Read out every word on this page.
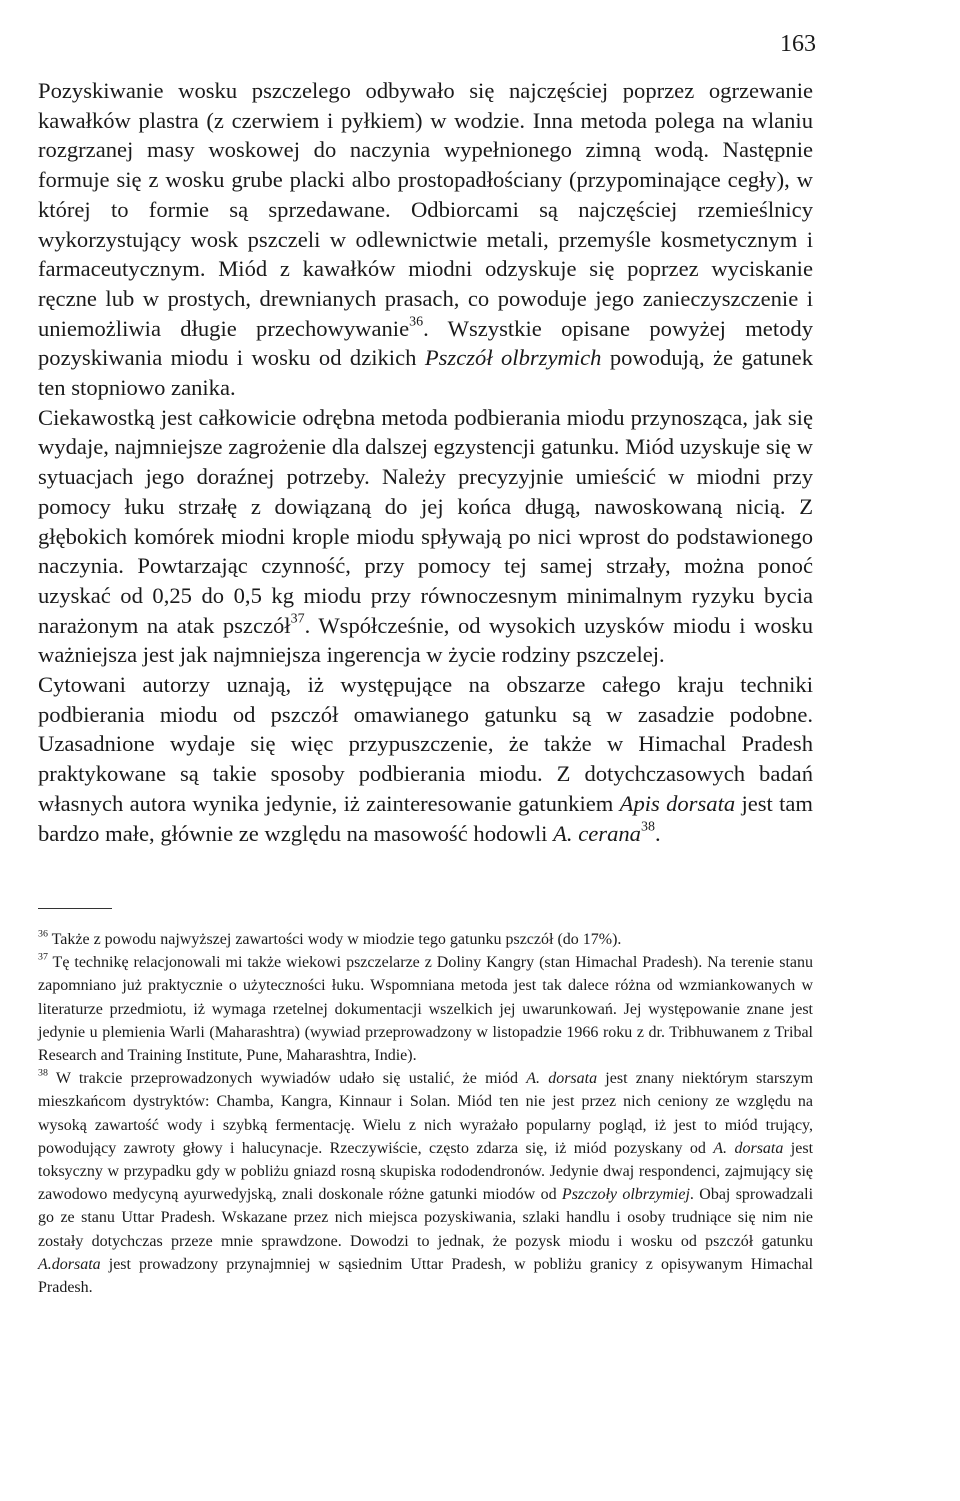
163

Pozyskiwanie wosku pszczelego odbywało się najczęściej poprzez ogrzewanie kawałków plastra (z czerwiem i pyłkiem) w wodzie. Inna metoda polega na wlaniu rozgrzanej masy woskowej do naczynia wypełnionego zimną wodą. Następnie formuje się z wosku grube placki albo prostopadłościany (przypominające cegły), w której to formie są sprzedawane. Odbiorcami są najczęściej rzemieślnicy wykorzystujący wosk pszczeli w odlewnictwie metali, przemyśle kosmetycznym i farmaceutycznym. Miód z kawałków miodni odzyskuje się poprzez wyciskanie ręczne lub w prostych, drewnianych prasach, co powoduje jego zanieczyszczenie i uniemożliwia długie przechowywanie$^{36}$. Wszystkie opisane powyżej metody pozyskiwania miodu i wosku od dzikich Pszczół olbrzymich powodują, że gatunek ten stopniowo zanika.

Ciekawostką jest całkowicie odrębna metoda podbierania miodu przynosząca, jak się wydaje, najmniejsze zagrożenie dla dalszej egzystencji gatunku. Miód uzyskuje się w sytuacjach jego doraźnej potrzeby. Należy precyzyjnie umieścić w miodni przy pomocy łuku strzałę z dowiązaną do jej końca długą, nawoskowaną nicią. Z głębokich komórek miodni krople miodu spływają po nici wprost do podstawionego naczynia. Powtarzając czynność, przy pomocy tej samej strzały, można ponoć uzyskać od 0,25 do 0,5 kg miodu przy równoczesnym minimalnym ryzyku bycia narażonym na atak pszczół$^{37}$. Współcześnie, od wysokich uzysków miodu i wosku ważniejsza jest jak najmniejsza ingerencja w życie rodziny pszczelej.

Cytowani autorzy uznają, iż występujące na obszarze całego kraju techniki podbierania miodu od pszczół omawianego gatunku są w zasadzie podobne. Uzasadnione wydaje się więc przypuszczenie, że także w Himachal Pradesh praktykowane są takie sposoby podbierania miodu. Z dotychczasowych badań własnych autora wynika jedynie, iż zainteresowanie gatunkiem Apis dorsata jest tam bardzo małe, głównie ze względu na masowość hodowli A. cerana$^{38}$.

$^{36}$ Także z powodu najwyższej zawartości wody w miodzie tego gatunku pszczół (do 17%).

$^{37}$ Tę technikę relacjonowali mi także wiekowi pszczelarze z Doliny Kangry (stan Himachal Pradesh). Na terenie stanu zapomniano już praktycznie o użyteczności łuku. Wspomniana metoda jest tak dalece różna od wzmiankowanych w literaturze przedmiotu, iż wymaga rzetelnej dokumentacji wszelkich jej uwarunkowań. Jej występowanie znane jest jedynie u plemienia Warli (Maharashtra) (wywiad przeprowadzony w listopadzie 1966 roku z dr. Tribhuwanem z Tribal Research and Training Institute, Pune, Maharashtra, Indie).

$^{38}$ W trakcie przeprowadzonych wywiadów udało się ustalić, że miód A. dorsata jest znany niektórym starszym mieszkańcom dystryktów: Chamba, Kangra, Kinnaur i Solan. Miód ten nie jest przez nich ceniony ze względu na wysoką zawartość wody i szybką fermentację. Wielu z nich wyrażało popularny pogląd, iż jest to miód trujący, powodujący zawroty głowy i halucynacje. Rzeczywiście, często zdarza się, iż miód pozyskany od A. dorsata jest toksyczny w przypadku gdy w pobliżu gniazd rosną skupiska rododendronów. Jedynie dwaj respondenci, zajmujący się zawodowo medycyną ayurwedyjską, znali doskonale różne gatunki miodów od Pszczoły olbrzymiej. Obaj sprowadzali go ze stanu Uttar Pradesh. Wskazane przez nich miejsca pozyskiwania, szlaki handlu i osoby trudniące się nim nie zostały dotychczas przeze mnie sprawdzone. Dowodzi to jednak, że pozysk miodu i wosku od pszczół gatunku A.dorsata jest prowadzony przynajmniej w sąsiednim Uttar Pradesh, w pobliżu granicy z opisywanym Himachal Pradesh.
